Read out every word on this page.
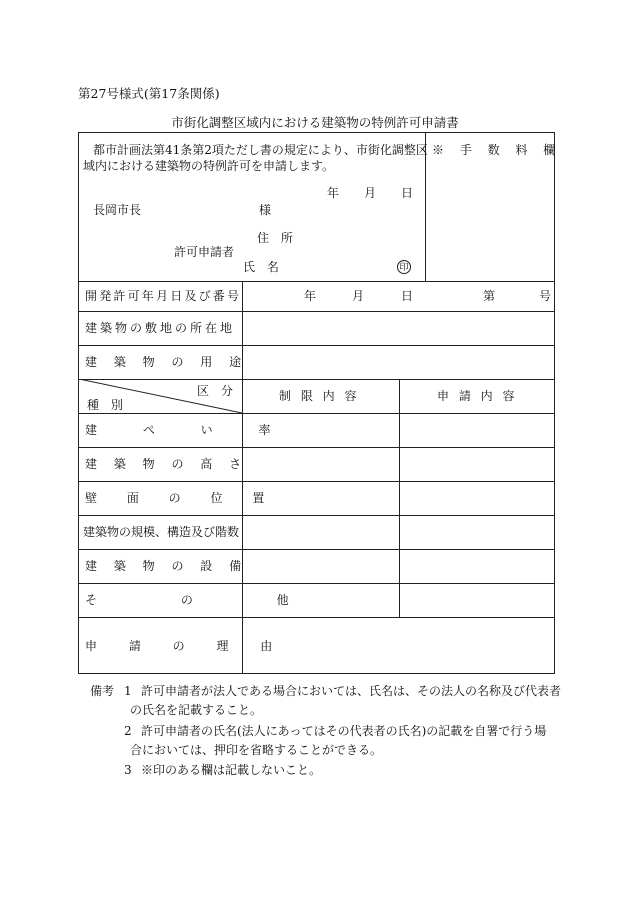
第27号様式(第17条関係)
市街化調整区域内における建築物の特例許可申請書
都市計画法第41条第2項ただし書の規定により、市街化調整区
域内における建築物の特例許可を申請します。
年 月 日
長岡市長	様
住 所
許可申請者
氏 名	印
※ 手 数 料 欄
開発許可年月日及び番号	年	月	日	第	号
建築物の敷地の所在地
建 築 物 の 用 途
区 分
種 別
制 限 内 容	申 請 内 容
建 ぺ い 率
建 築 物 の 高 さ
壁 面 の 位 置
建築物の規模、構造及び階数
建 築 物 の 設 備
そ の 他
申 請 の 理 由
備考 1 許可申請者が法人である場合においては、氏名は、その法人の名称及び代表者
の氏名を記載すること。
2 許可申請者の氏名(法人にあってはその代表者の氏名)の記載を自署で行う場
合においては、押印を省略することができる。
3 ※印のある欄は記載しないこと。
